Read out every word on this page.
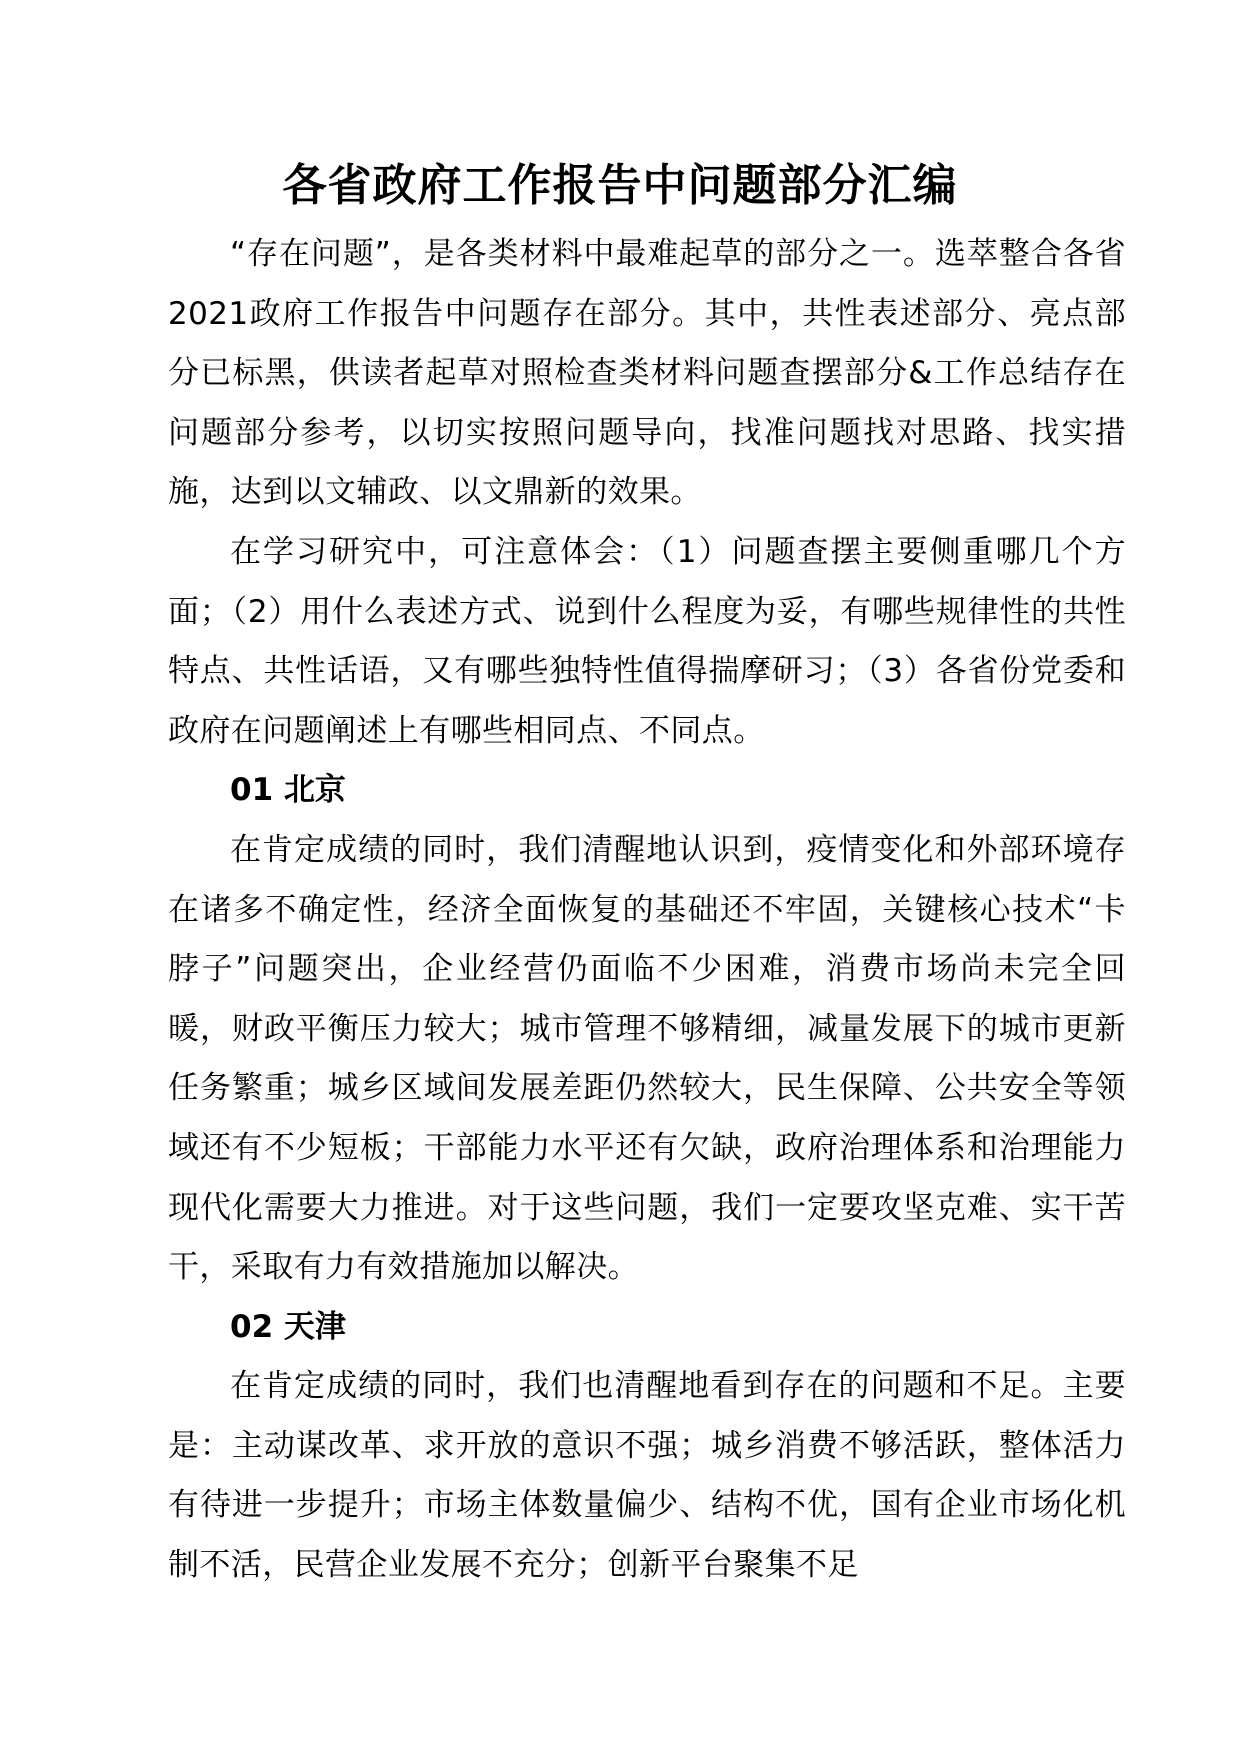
各省政府工作报告中问题部分汇编

“存在问题”，是各类材料中最难起草的部分之一。选萃整合各省2021政府工作报告中问题存在部分。其中，共性表述部分、亮点部分已标黑，供读者起草对照检查类材料问题查摆部分&工作总结存在问题部分参考，以切实按照问题导向，找准问题找对思路、找实措施，达到以文辅政、以文鼎新的效果。

在学习研究中，可注意体会：（1）问题查摆主要侧重哪几个方面；（2）用什么表述方式、说到什么程度为妥，有哪些规律性的共性特点、共性话语，又有哪些独特性值得揣摩研习；（3）各省份党委和政府在问题阐述上有哪些相同点、不同点。

01 北京

在肯定成绩的同时，我们清醒地认识到，疫情变化和外部环境存在诸多不确定性，经济全面恢复的基础还不牢固，关键核心技术“卡脖子”问题突出，企业经营仍面临不少困难，消费市场尚未完全回暖，财政平衡压力较大；城市管理不够精细，减量发展下的城市更新任务繁重；城乡区域间发展差距仍然较大，民生保障、公共安全等领域还有不少短板；干部能力水平还有欠缺，政府治理体系和治理能力现代化需要大力推进。对于这些问题，我们一定要攻坚克难、实干苦干，采取有力有效措施加以解决。

02 天津

在肯定成绩的同时，我们也清醒地看到存在的问题和不足。主要是：主动谋改革、求开放的意识不强；城乡消费不够活跃，整体活力有待进一步提升；市场主体数量偏少、结构不优，国有企业市场化机制不活，民营企业发展不充分；创新平台聚集不足
